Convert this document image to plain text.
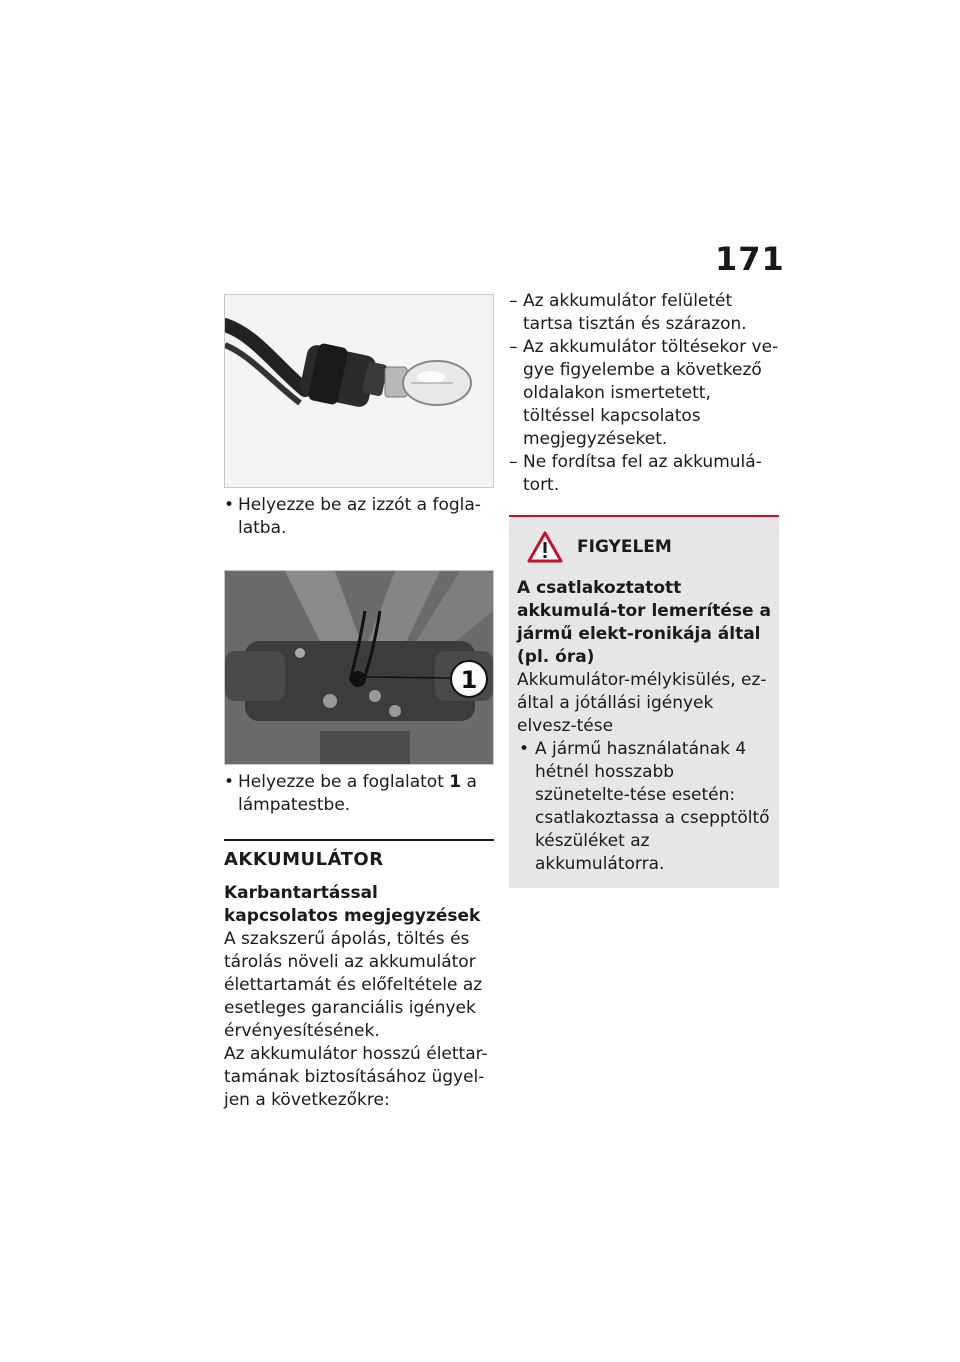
171
• Helyezze be az izzót a fogla-latba.
1
• Helyezze be a foglalatot 1 a lámpatestbe.
AKKUMULÁTOR
Karbantartással kapcsolatos megjegyzések
A szakszerű ápolás, töltés és tárolás növeli az akkumulátor élettartamát és előfeltétele az esetleges garanciális igények érvényesítésének.
Az akkumulátor hosszú élettar-tamának biztosításához ügyel-jen a következőkre:
– Az akkumulátor felületét tartsa tisztán és szárazon.
– Az akkumulátor töltésekor ve-gye figyelembe a következő oldalakon ismertetett, töltéssel kapcsolatos megjegyzéseket.
– Ne fordítsa fel az akkumulá-tort.
FIGYELEM
A csatlakoztatott akkumulá-tor lemerítése a jármű elekt-ronikája által (pl. óra)
Akkumulátor-mélykisülés, ez-által a jótállási igények elvesz-tése
• A jármű használatának 4 hétnél hosszabb szünetelte-tése esetén: csatlakoztassa a csepptöltő készüléket az akkumulátorra.
